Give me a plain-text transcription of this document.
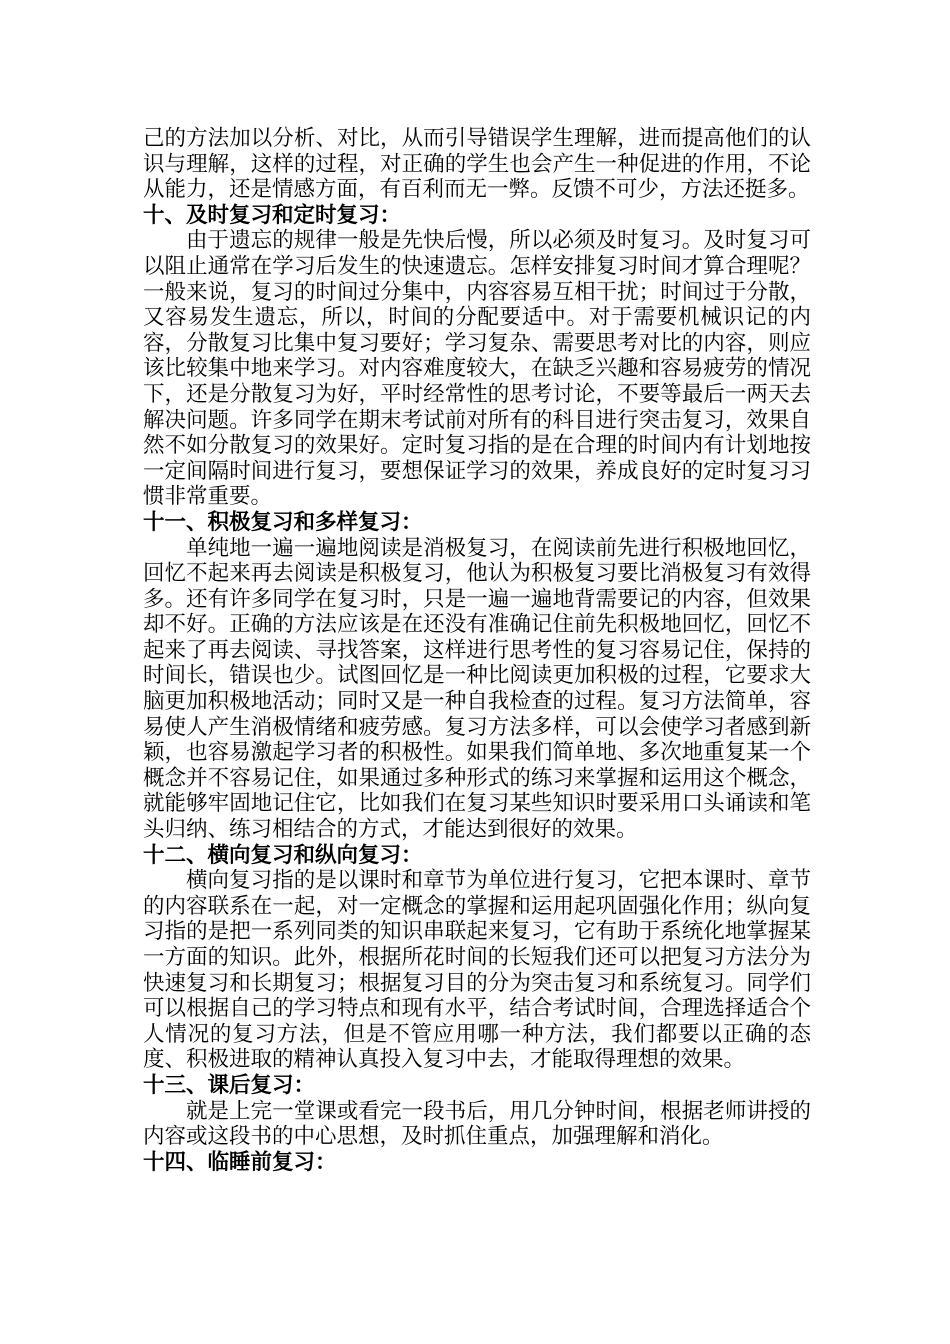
己的方法加以分析、对比，从而引导错误学生理解，进而提高他们的认识与理解，这样的过程，对正确的学生也会产生一种促进的作用，不论从能力，还是情感方面，有百利而无一弊。反馈不可少，方法还挺多。

十、及时复习和定时复习：

由于遗忘的规律一般是先快后慢，所以必须及时复习。及时复习可以阻止通常在学习后发生的快速遗忘。怎样安排复习时间才算合理呢？一般来说，复习的时间过分集中，内容容易互相干扰；时间过于分散，又容易发生遗忘，所以，时间的分配要适中。对于需要机械识记的内容，分散复习比集中复习要好；学习复杂、需要思考对比的内容，则应该比较集中地来学习。对内容难度较大，在缺乏兴趣和容易疲劳的情况下，还是分散复习为好，平时经常性的思考讨论，不要等最后一两天去解决问题。许多同学在期末考试前对所有的科目进行突击复习，效果自然不如分散复习的效果好。定时复习指的是在合理的时间内有计划地按一定间隔时间进行复习，要想保证学习的效果，养成良好的定时复习习惯非常重要。

十一、积极复习和多样复习：

单纯地一遍一遍地阅读是消极复习，在阅读前先进行积极地回忆，回忆不起来再去阅读是积极复习，他认为积极复习要比消极复习有效得多。还有许多同学在复习时，只是一遍一遍地背需要记的内容，但效果却不好。正确的方法应该是在还没有准确记住前先积极地回忆，回忆不起来了再去阅读、寻找答案，这样进行思考性的复习容易记住，保持的时间长，错误也少。试图回忆是一种比阅读更加积极的过程，它要求大脑更加积极地活动；同时又是一种自我检查的过程。复习方法简单，容易使人产生消极情绪和疲劳感。复习方法多样，可以会使学习者感到新颖，也容易激起学习者的积极性。如果我们简单地、多次地重复某一个概念并不容易记住，如果通过多种形式的练习来掌握和运用这个概念，就能够牢固地记住它，比如我们在复习某些知识时要采用口头诵读和笔头归纳、练习相结合的方式，才能达到很好的效果。

十二、横向复习和纵向复习：

横向复习指的是以课时和章节为单位进行复习，它把本课时、章节的内容联系在一起，对一定概念的掌握和运用起巩固强化作用；纵向复习指的是把一系列同类的知识串联起来复习，它有助于系统化地掌握某一方面的知识。此外，根据所花时间的长短我们还可以把复习方法分为快速复习和长期复习；根据复习目的分为突击复习和系统复习。同学们可以根据自己的学习特点和现有水平，结合考试时间，合理选择适合个人情况的复习方法，但是不管应用哪一种方法，我们都要以正确的态度、积极进取的精神认真投入复习中去，才能取得理想的效果。

十三、课后复习：

就是上完一堂课或看完一段书后，用几分钟时间，根据老师讲授的内容或这段书的中心思想，及时抓住重点，加强理解和消化。

十四、临睡前复习：
